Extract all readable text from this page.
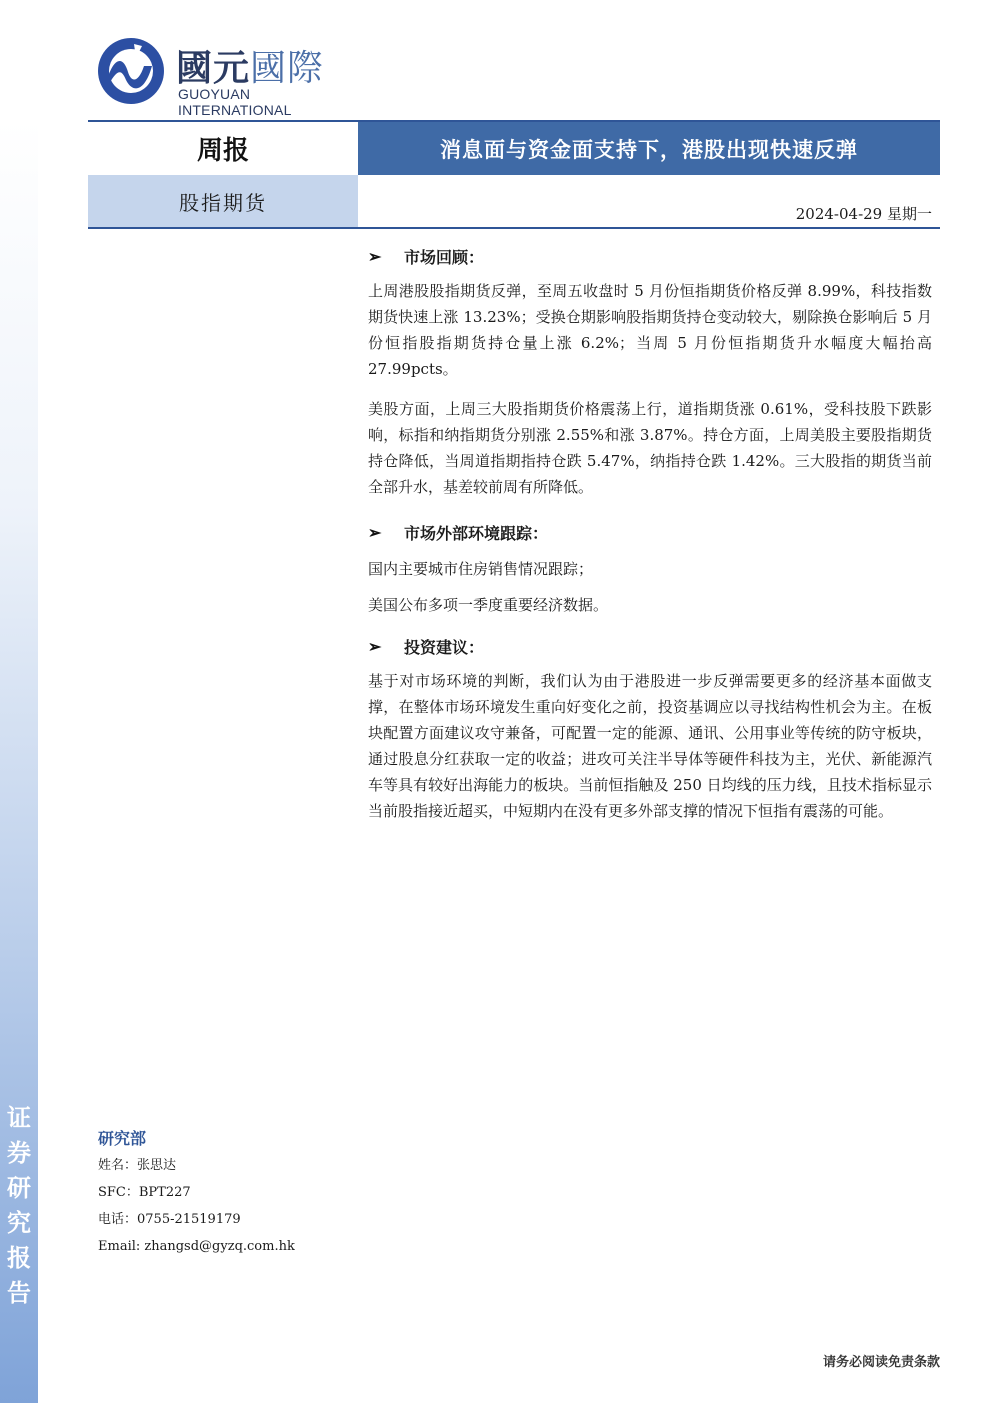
证
券
研
究
报
告
國元國際
GUOYUAN INTERNATIONAL
周报	消息面与资金面支持下，港股出现快速反弹
股指期货	2024-04-29 星期一
➢	市场回顾：

上周港股股指期货反弹，至周五收盘时 5 月份恒指期货价格反弹 8.99%，科技指数期货快速上涨 13.23%；受换仓期影响股指期货持仓变动较大，剔除换仓影响后 5 月份恒指股指期货持仓量上涨 6.2%；当周 5 月份恒指期货升水幅度大幅抬高 27.99pcts。

美股方面，上周三大股指期货价格震荡上行，道指期货涨 0.61%，受科技股下跌影响，标指和纳指期货分别涨 2.55%和涨 3.87%。持仓方面，上周美股主要股指期货持仓降低，当周道指期指持仓跌 5.47%，纳指持仓跌 1.42%。三大股指的期货当前全部升水，基差较前周有所降低。

➢	市场外部环境跟踪：

国内主要城市住房销售情况跟踪；

美国公布多项一季度重要经济数据。

➢	投资建议：

基于对市场环境的判断，我们认为由于港股进一步反弹需要更多的经济基本面做支撑，在整体市场环境发生重向好变化之前，投资基调应以寻找结构性机会为主。在板块配置方面建议攻守兼备，可配置一定的能源、通讯、公用事业等传统的防守板块，通过股息分红获取一定的收益；进攻可关注半导体等硬件科技为主，光伏、新能源汽车等具有较好出海能力的板块。当前恒指触及 250 日均线的压力线，且技术指标显示当前股指接近超买，中短期内在没有更多外部支撑的情况下恒指有震荡的可能。

研究部
姓名：张思达
SFC：BPT227
电话：0755-21519179
Email: zhangsd@gyzq.com.hk
请务必阅读免责条款
